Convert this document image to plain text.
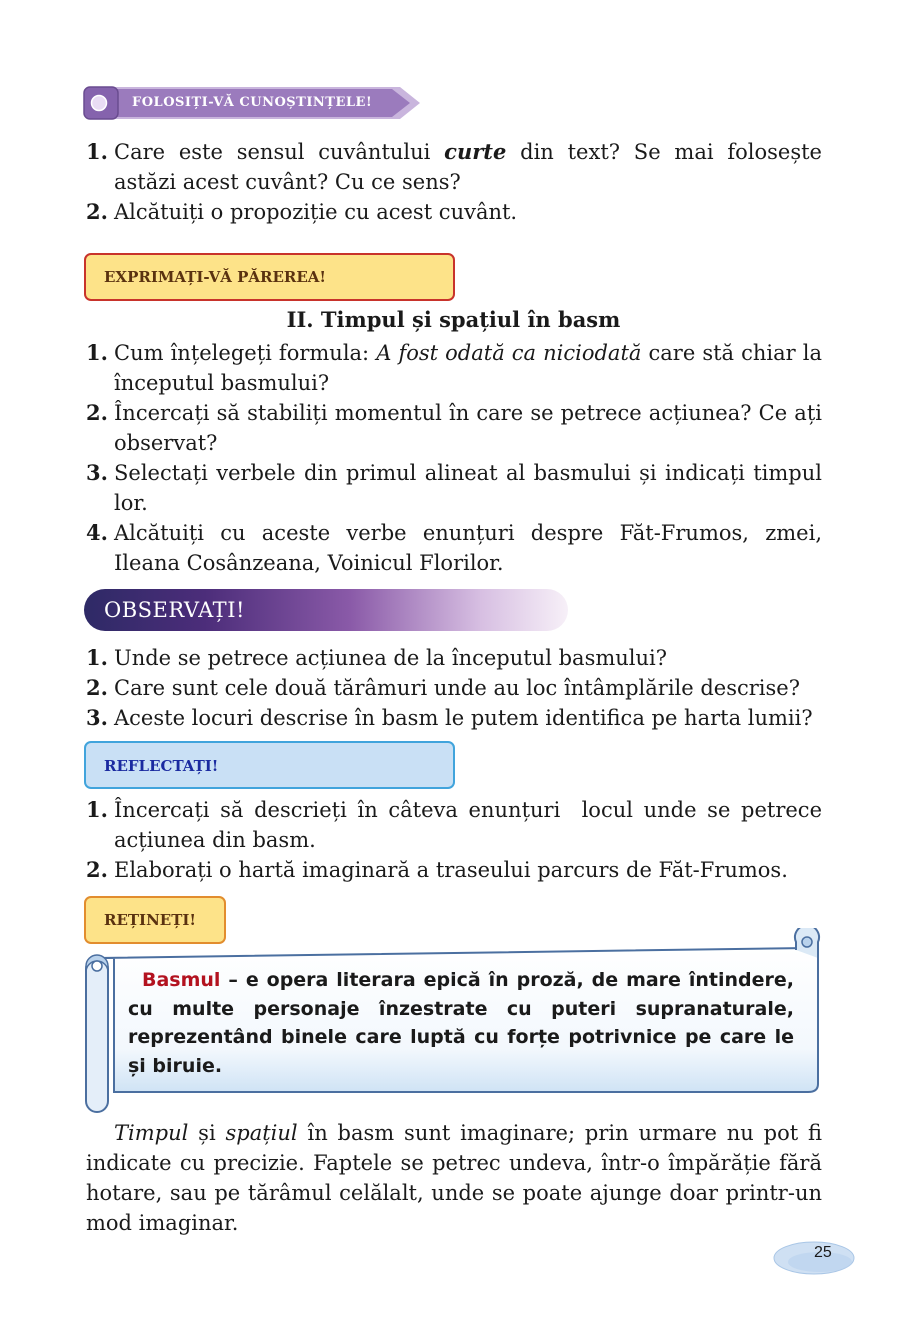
FOLOSIȚI-VĂ CUNOȘTINȚELE!
1. Care este sensul cuvântului curte din text? Se mai folosește astăzi acest cuvânt? Cu ce sens?
2. Alcătuiți o propoziție cu acest cuvânt.
EXPRIMAȚI-VĂ PĂREREA!
II. Timpul și spațiul în basm
1. Cum înțelegeți formula: A fost odată ca niciodată care stă chiar la începutul basmului?
2. Încercați să stabiliți momentul în care se petrece acțiunea? Ce ați observat?
3. Selectați verbele din primul alineat al basmului și indicați timpul lor.
4. Alcătuiți cu aceste verbe enunțuri despre Făt-Frumos, zmei, Ileana Cosânzeana, Voinicul Florilor.
OBSERVAȚI!
1. Unde se petrece acțiunea de la începutul basmului?
2. Care sunt cele două tărâmuri unde au loc întâmplările descrise?
3. Aceste locuri descrise în basm le putem identifica pe harta lumii?
REFLECTAȚI!
1. Încercați să descrieți în câteva enunțuri  locul unde se petrece acțiunea din basm.
2. Elaborați o hartă imaginară a traseului parcurs de Făt-Frumos.
REȚINEȚI!
Basmul – e opera literara epică în proză, de mare întindere, cu multe personaje înzestrate cu puteri supranaturale, reprezentând binele care luptă cu forțe potrivnice pe care le și biruie.

Timpul și spațiul în basm sunt imaginare; prin urmare nu pot fi indicate cu precizie. Faptele se petrec undeva, într-o împărăție fără hotare, sau pe tărâmul celălalt, unde se poate ajunge doar printr-un mod imaginar.

25
